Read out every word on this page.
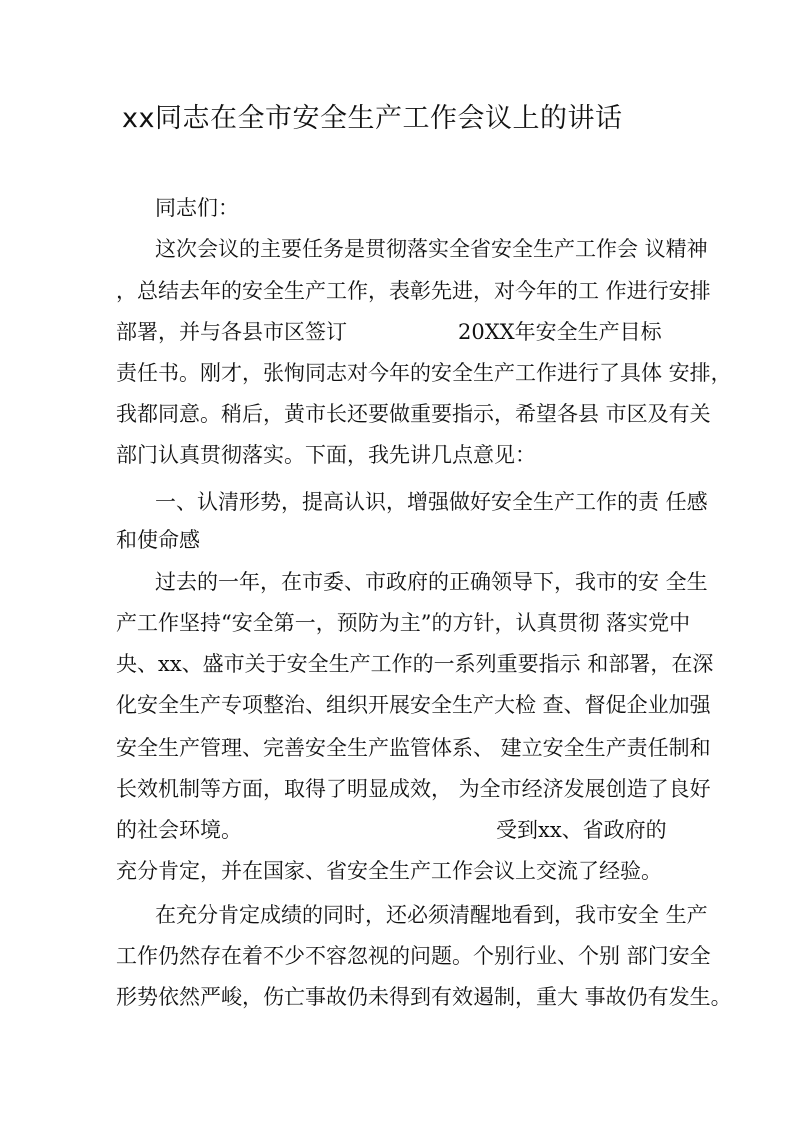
xx同志在全市安全生产工作会议上的讲话
同志们：
这次会议的主要任务是贯彻落实全省安全生产工作会 议精神
，总结去年的安全生产工作，表彰先进，对今年的工 作进行安排
部署，并与各县市区签订	20XX年安全生产目标
责任书。刚才，张恂同志对今年的安全生产工作进行了具体 安排，
我都同意。稍后，黄市长还要做重要指示，希望各县 市区及有关
部门认真贯彻落实。下面，我先讲几点意见：
一、认清形势，提高认识，增强做好安全生产工作的责 任感
和使命感
过去的一年，在市委、市政府的正确领导下，我市的安 全生
产工作坚持“安全第一，预防为主”的方针，认真贯彻 落实党中
央、xx、盛市关于安全生产工作的一系列重要指示 和部署，在深
化安全生产专项整治、组织开展安全生产大检 查、督促企业加强
安全生产管理、完善安全生产监管体系、 建立安全生产责任制和
长效机制等方面，取得了明显成效， 为全市经济发展创造了良好
的社会环境。	受到xx、省政府的
充分肯定，并在国家、省安全生产工作会议上交流了经验。
在充分肯定成绩的同时，还必须清醒地看到，我市安全 生产
工作仍然存在着不少不容忽视的问题。个别行业、个别 部门安全
形势依然严峻，伤亡事故仍未得到有效遏制，重大 事故仍有发生。
